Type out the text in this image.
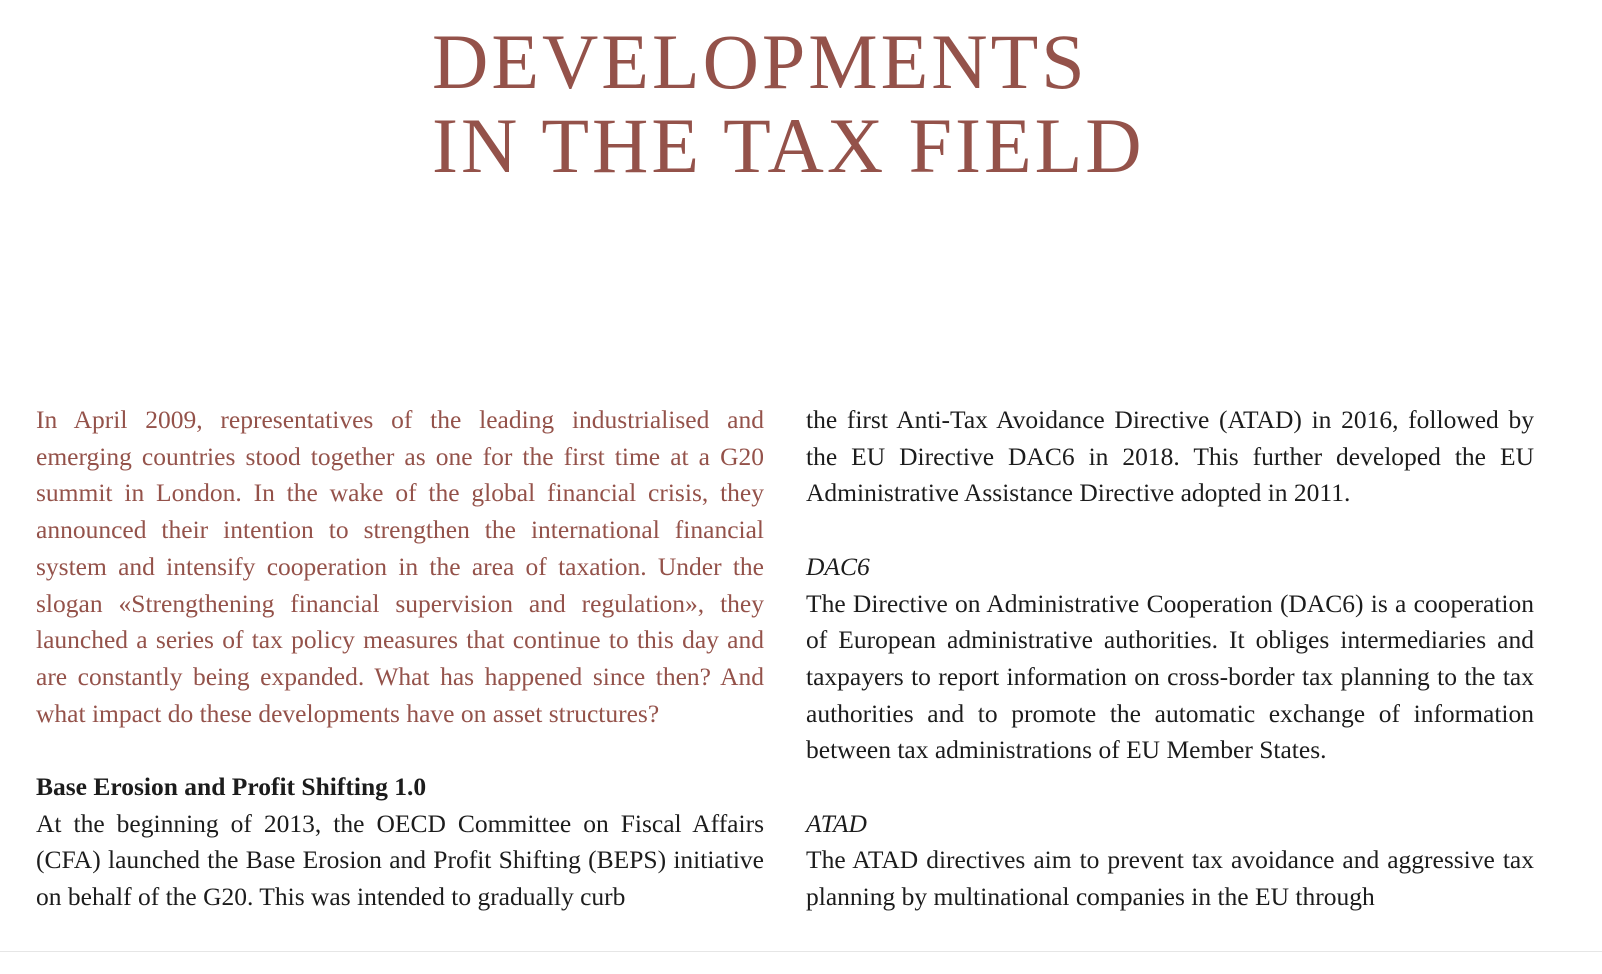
DEVELOPMENTS
IN THE TAX FIELD

In April 2009, representatives of the leading industrialised and emerging countries stood together as one for the first time at a G20 summit in London. In the wake of the global financial crisis, they announced their intention to strengthen the international financial system and intensify cooperation in the area of taxation. Under the slogan «Strengthening financial supervision and regulation», they launched a series of tax policy measures that continue to this day and are constantly being expanded. What has happened since then? And what impact do these developments have on asset structures?

Base Erosion and Profit Shifting 1.0

At the beginning of 2013, the OECD Committee on Fiscal Affairs (CFA) launched the Base Erosion and Profit Shifting (BEPS) initiative on behalf of the G20. This was intended to gradually curb

the first Anti-Tax Avoidance Directive (ATAD) in 2016, followed by the EU Directive DAC6 in 2018. This further developed the EU Administrative Assistance Directive adopted in 2011.

DAC6

The Directive on Administrative Cooperation (DAC6) is a cooperation of European administrative authorities. It obliges intermediaries and taxpayers to report information on cross-border tax planning to the tax authorities and to promote the automatic exchange of information between tax administrations of EU Member States.

ATAD

The ATAD directives aim to prevent tax avoidance and aggressive tax planning by multinational companies in the EU through
